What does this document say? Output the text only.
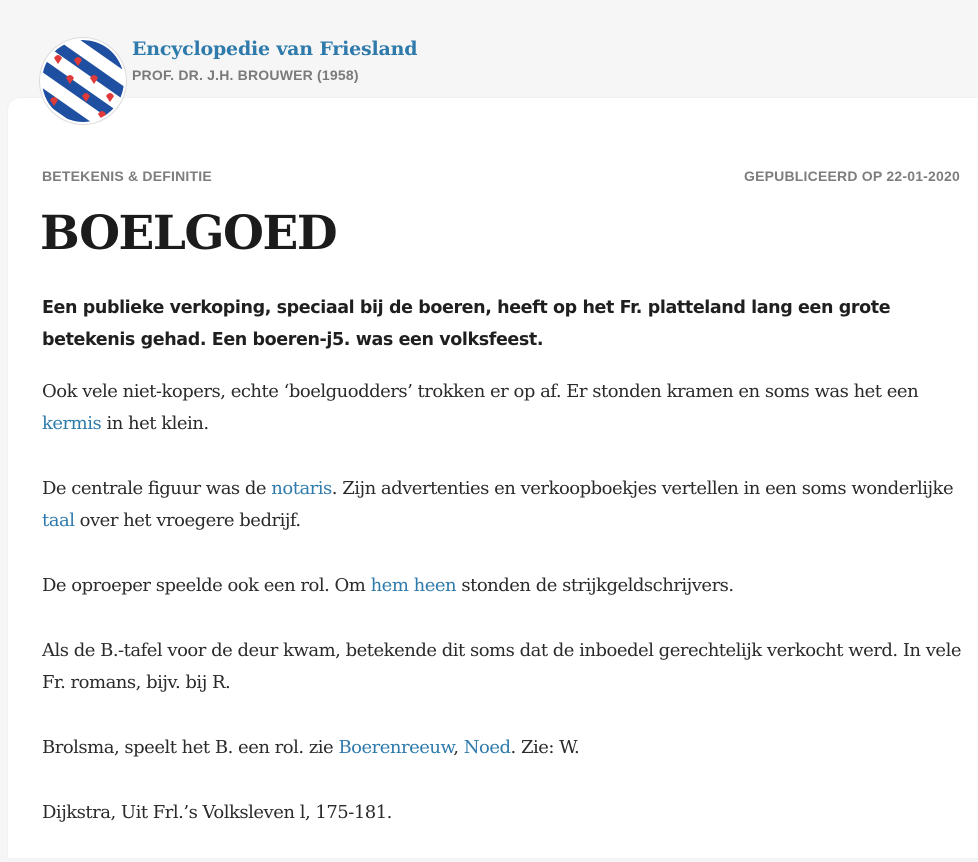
Encyclopedie van Friesland
PROF. DR. J.H. BROUWER (1958)
BETEKENIS & DEFINITIE	GEPUBLICEERD OP 22-01-2020
BOELGOED

Een publieke verkoping, speciaal bij de boeren, heeft op het Fr. platteland lang een grote betekenis gehad. Een boeren-j5. was een volksfeest.

Ook vele niet-kopers, echte ‘boelguodders’ trokken er op af. Er stonden kramen en soms was het een kermis in het klein.

De centrale figuur was de notaris. Zijn advertenties en verkoopboekjes vertellen in een soms wonderlijke taal over het vroegere bedrijf.

De oproeper speelde ook een rol. Om hem heen stonden de strijkgeldschrijvers.

Als de B.-tafel voor de deur kwam, betekende dit soms dat de inboedel gerechtelijk verkocht werd. In vele Fr. romans, bijv. bij R.

Brolsma, speelt het B. een rol. zie Boerenreeuw, Noed. Zie: W.

Dijkstra, Uit Frl.’s Volksleven l, 175-181.
